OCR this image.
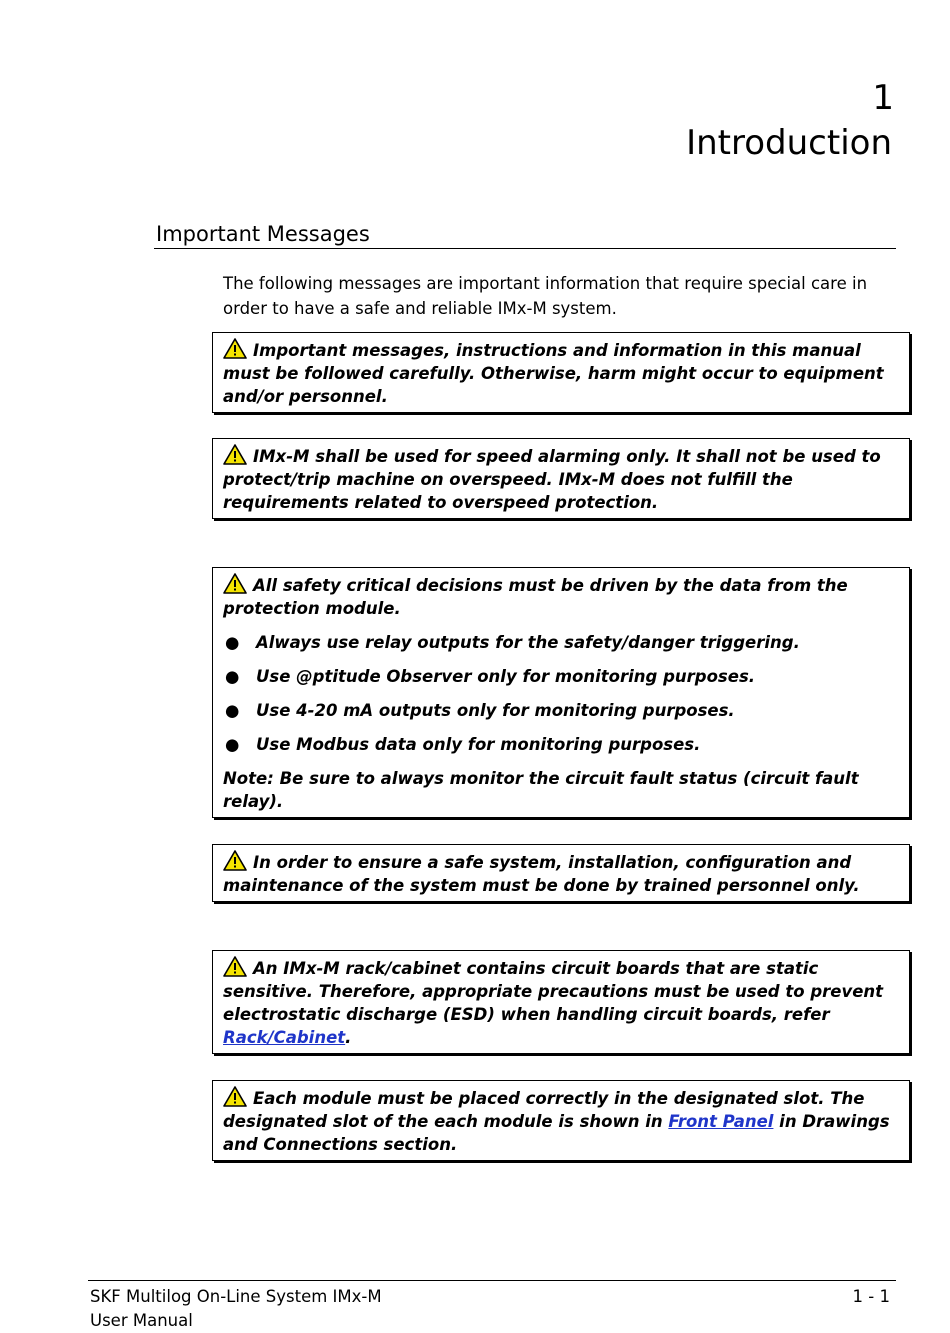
1
Introduction
Important Messages
The following messages are important information that require special care in order to have a safe and reliable IMx-M system.

Important messages, instructions and information in this manual must be followed carefully. Otherwise, harm might occur to equipment and/or personnel.

IMx-M shall be used for speed alarming only. It shall not be used to protect/trip machine on overspeed. IMx-M does not fulfill the requirements related to overspeed protection.

All safety critical decisions must be driven by the data from the protection module.

● Always use relay outputs for the safety/danger triggering.
● Use @ptitude Observer only for monitoring purposes.
● Use 4-20 mA outputs only for monitoring purposes.
● Use Modbus data only for monitoring purposes.

Note: Be sure to always monitor the circuit fault status (circuit fault relay).

In order to ensure a safe system, installation, configuration and maintenance of the system must be done by trained personnel only.

An IMx-M rack/cabinet contains circuit boards that are static sensitive. Therefore, appropriate precautions must be used to prevent electrostatic discharge (ESD) when handling circuit boards, refer Rack/Cabinet.

Each module must be placed correctly in the designated slot. The designated slot of the each module is shown in Front Panel in Drawings and Connections section.

SKF Multilog On-Line System IMx-M
User Manual
1 - 1
